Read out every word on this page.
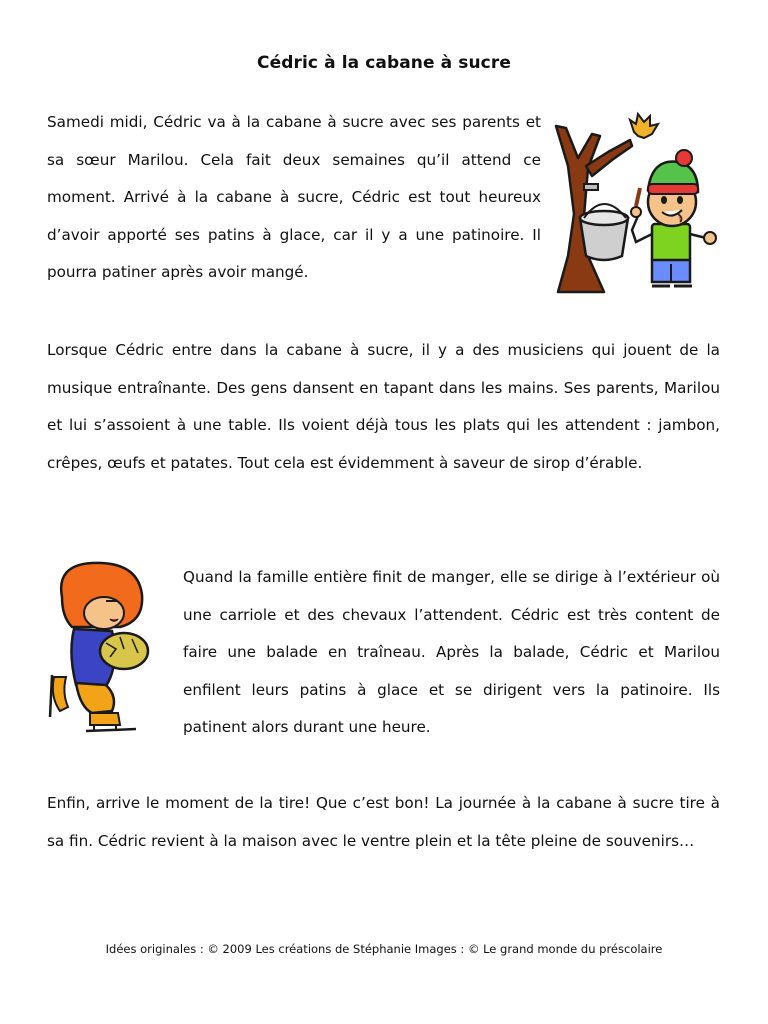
Cédric à la cabane à sucre

Samedi midi, Cédric va à la cabane à sucre avec ses parents et sa sœur Marilou. Cela fait deux semaines qu’il attend ce moment. Arrivé à la cabane à sucre, Cédric est tout heureux d’avoir apporté ses patins à glace, car il y a une patinoire. Il pourra patiner après avoir mangé.

Lorsque Cédric entre dans la cabane à sucre, il y a des musiciens qui jouent de la musique entraînante. Des gens dansent en tapant dans les mains. Ses parents, Marilou et lui s’assoient à une table. Ils voient déjà tous les plats qui les attendent : jambon, crêpes, œufs et patates. Tout cela est évidemment à saveur de sirop d’érable.

Quand la famille entière finit de manger, elle se dirige à l’extérieur où une carriole et des chevaux l’attendent. Cédric est très content de faire une balade en traîneau. Après la balade, Cédric et Marilou enfilent leurs patins à glace et se dirigent vers la patinoire. Ils patinent alors durant une heure.

Enfin, arrive le moment de la tire! Que c’est bon! La journée à la cabane à sucre tire à sa fin. Cédric revient à la maison avec le ventre plein et la tête pleine de souvenirs…

Idées originales : © 2009 Les créations de Stéphanie Images : © Le grand monde du préscolaire
